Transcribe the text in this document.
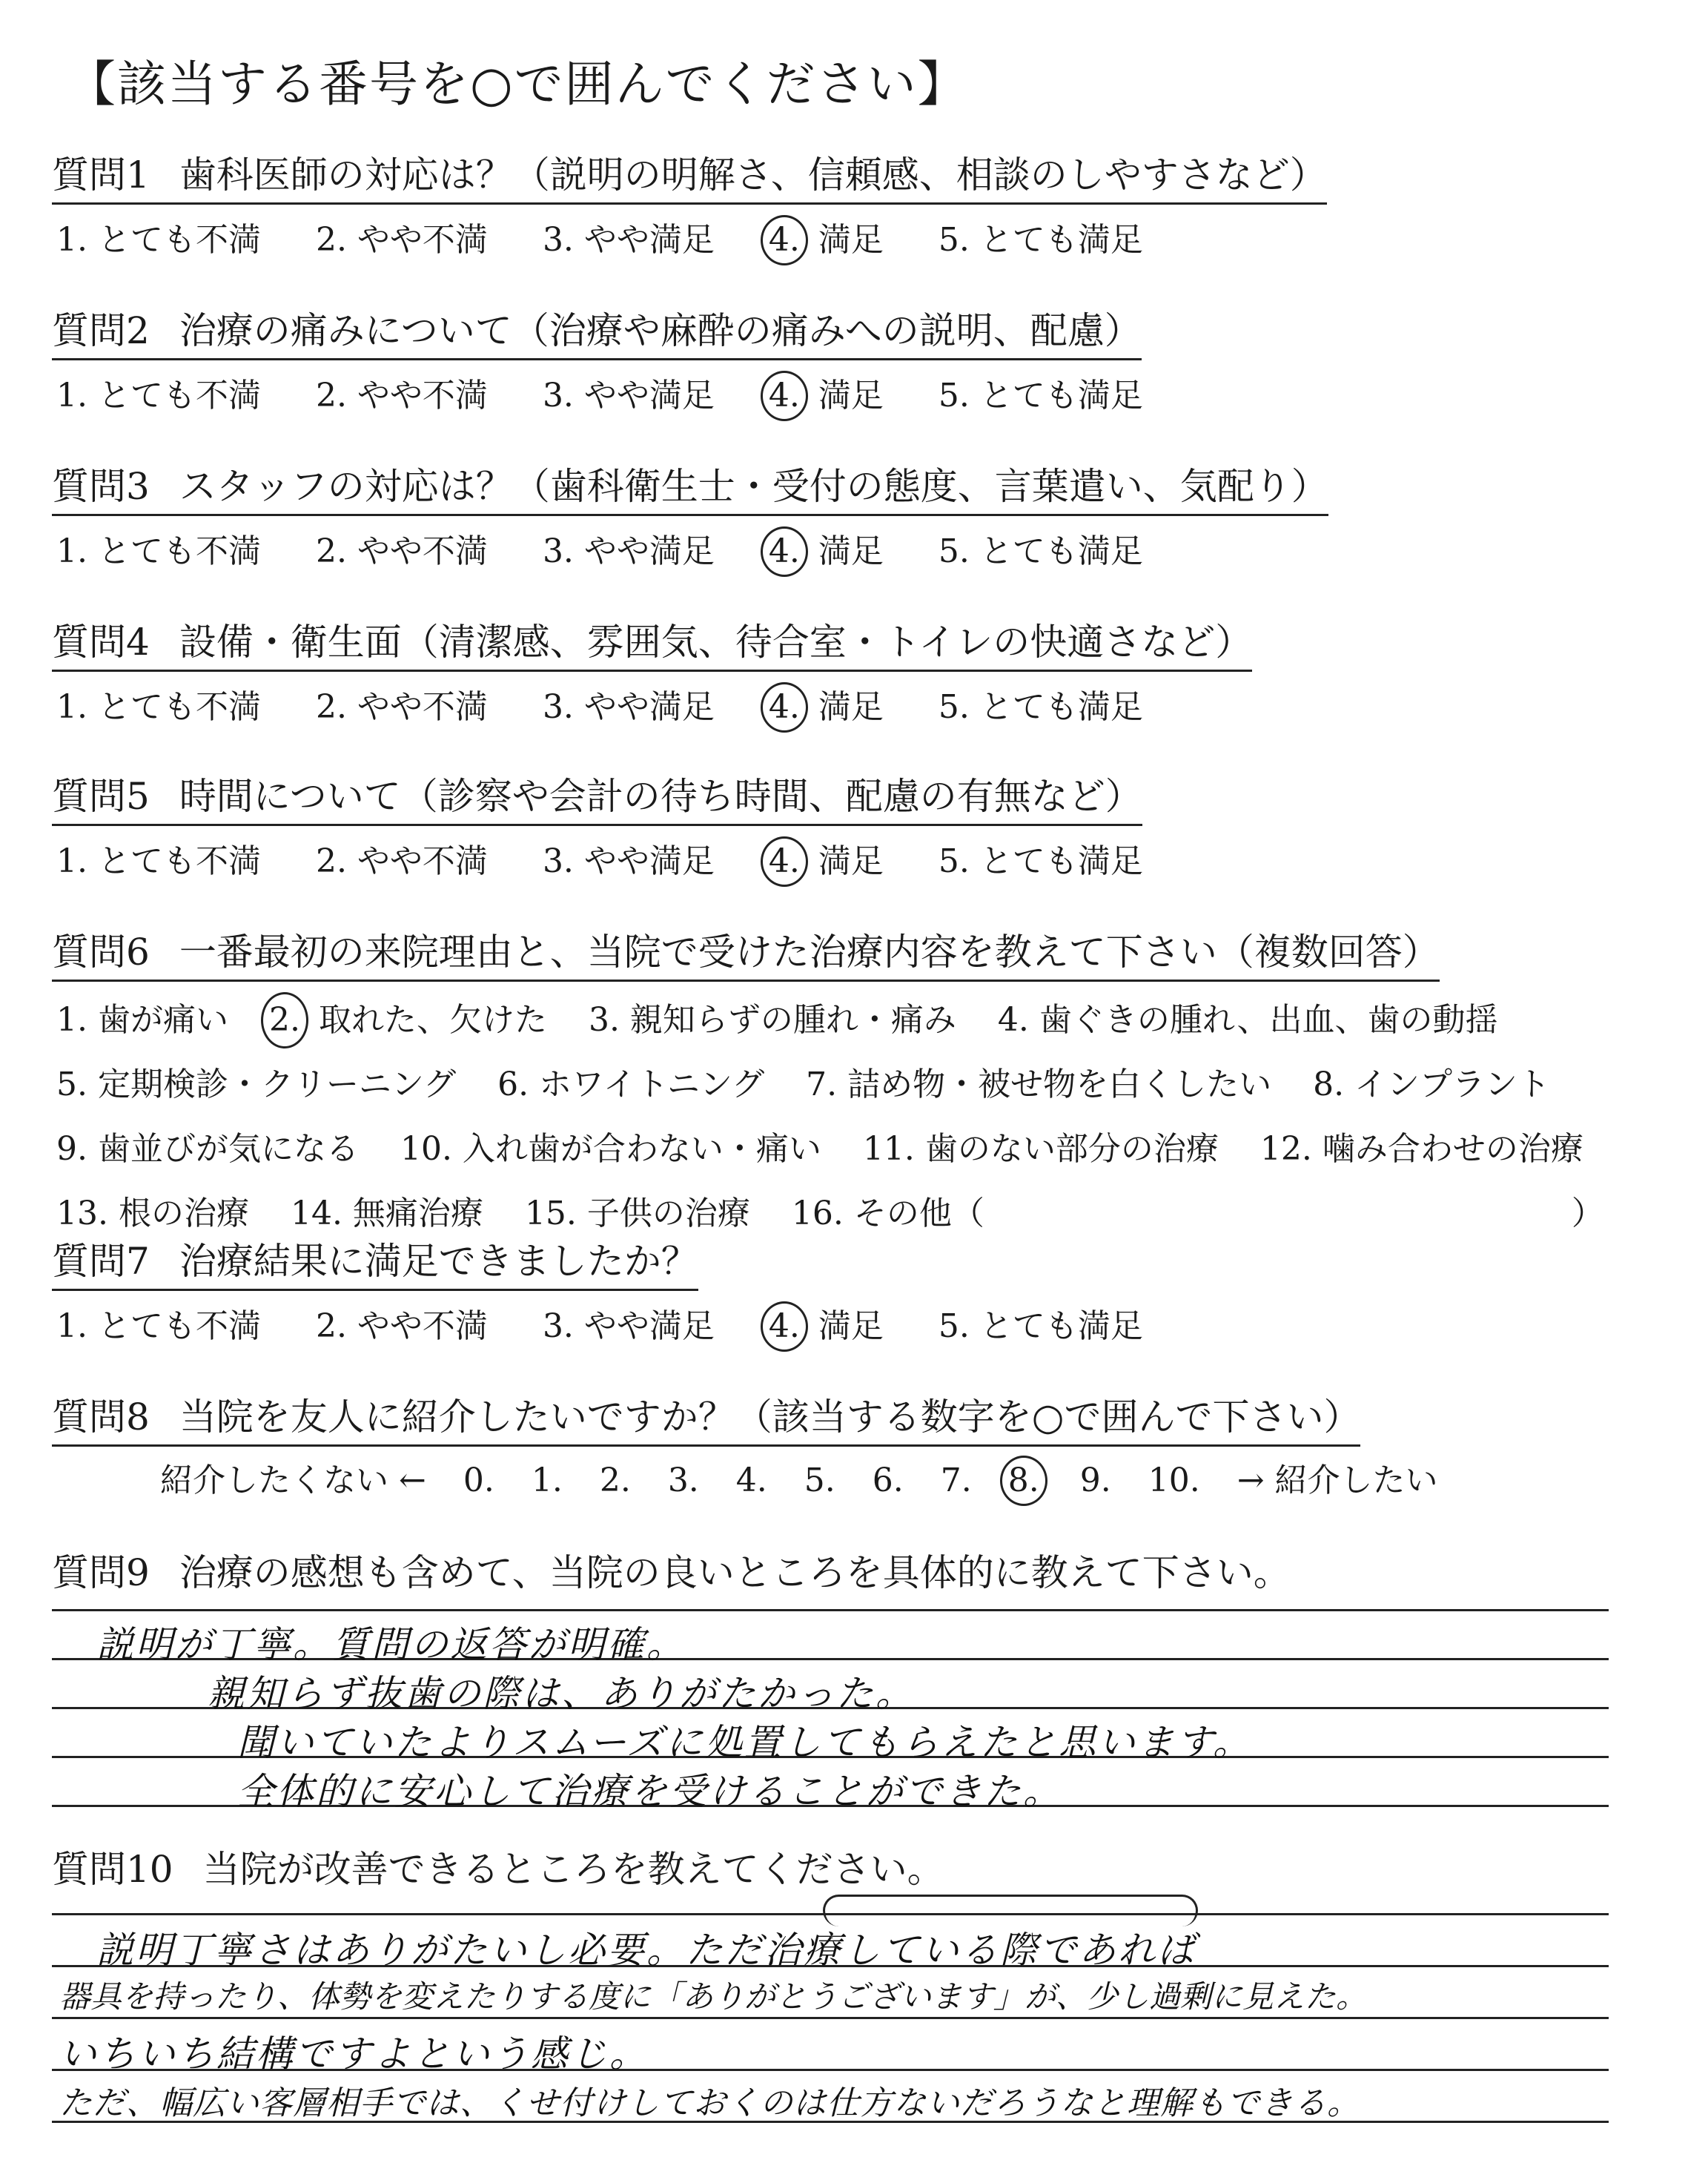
【該当する番号を○で囲んでください】
質問1 歯科医師の対応は？（説明の明解さ、信頼感、相談のしやすさなど）
1. とても不満 2. やや不満 3. やや満足 4. 満足 5. とても満足
質問2 治療の痛みについて（治療や麻酔の痛みへの説明、配慮）
1. とても不満 2. やや不満 3. やや満足 4. 満足 5. とても満足
質問3 スタッフの対応は？（歯科衛生士・受付の態度、言葉遣い、気配り）
1. とても不満 2. やや不満 3. やや満足 4. 満足 5. とても満足
質問4 設備・衛生面（清潔感、雰囲気、待合室・トイレの快適さなど）
1. とても不満 2. やや不満 3. やや満足 4. 満足 5. とても満足
質問5 時間について（診察や会計の待ち時間、配慮の有無など）
1. とても不満 2. やや不満 3. やや満足 4. 満足 5. とても満足
質問6 一番最初の来院理由と、当院で受けた治療内容を教えて下さい（複数回答）
1. 歯が痛い 2. 取れた、欠けた 3. 親知らずの腫れ・痛み 4. 歯ぐきの腫れ、出血、歯の動揺
5. 定期検診・クリーニング 6. ホワイトニング 7. 詰め物・被せ物を白くしたい 8. インプラント
9. 歯並びが気になる 10. 入れ歯が合わない・痛い 11. 歯のない部分の治療 12. 噛み合わせの治療
13. 根の治療 14. 無痛治療 15. 子供の治療 16. その他（	）
質問7 治療結果に満足できましたか？
1. とても不満 2. やや不満 3. やや満足 4. 満足 5. とても満足
質問8 当院を友人に紹介したいですか？（該当する数字を○で囲んで下さい）
紹介したくない ← 0. 1. 2. 3. 4. 5. 6. 7. 8. 9. 10. → 紹介したい
質問9 治療の感想も含めて、当院の良いところを具体的に教えて下さい。
説明が丁寧。質問の返答が明確。
親知らず抜歯の際は、ありがたかった。
聞いていたよりスムーズに処置してもらえたと思います。
全体的に安心して治療を受けることができた。
質問10 当院が改善できるところを教えてください。
説明丁寧さはありがたいし必要。ただ治療している際であれば
器具を持ったり、体勢を変えたりする度に「ありがとうございます」が、少し過剰に見えた。
いちいち結構ですよという感じ。
ただ、幅広い客層相手では、くせ付けしておくのは仕方ないだろうなと理解もできる。
